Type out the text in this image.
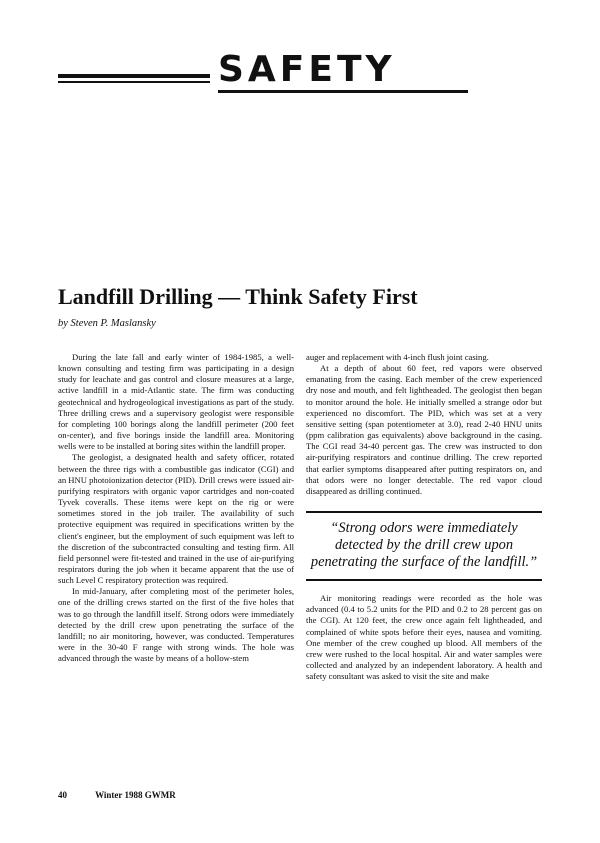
SAFETY
Landfill Drilling — Think Safety First
by Steven P. Maslansky

During the late fall and early winter of 1984-1985, a well-known consulting and testing firm was participating in a design study for leachate and gas control and closure measures at a large, active landfill in a mid-Atlantic state. The firm was conducting geotechnical and hydrogeological investigations as part of the study. Three drilling crews and a supervisory geologist were responsible for completing 100 borings along the landfill perimeter (200 feet on-center), and five borings inside the landfill area. Monitoring wells were to be installed at boring sites within the landfill proper.

The geologist, a designated health and safety officer, rotated between the three rigs with a combustible gas indicator (CGI) and an HNU photoionization detector (PID). Drill crews were issued air-purifying respirators with organic vapor cartridges and non-coated Tyvek coveralls. These items were kept on the rig or were sometimes stored in the job trailer. The availability of such protective equipment was required in specifications written by the client's engineer, but the employment of such equipment was left to the discretion of the subcontracted consulting and testing firm. All field personnel were fit-tested and trained in the use of air-purifying respirators during the job when it became apparent that the use of such Level C respiratory protection was required.

In mid-January, after completing most of the perimeter holes, one of the drilling crews started on the first of the five holes that was to go through the landfill itself. Strong odors were immediately detected by the drill crew upon penetrating the surface of the landfill; no air monitoring, however, was conducted. Temperatures were in the 30-40 F range with strong winds. The hole was advanced through the waste by means of a hollow-stem

auger and replacement with 4-inch flush joint casing.

At a depth of about 60 feet, red vapors were observed emanating from the casing. Each member of the crew experienced dry nose and mouth, and felt lightheaded. The geologist then began to monitor around the hole. He initially smelled a strange odor but experienced no discomfort. The PID, which was set at a very sensitive setting (span potentiometer at 3.0), read 2-40 HNU units (ppm calibration gas equivalents) above background in the casing. The CGI read 34-40 percent gas. The crew was instructed to don air-purifying respirators and continue drilling. The crew reported that earlier symptoms disappeared after putting respirators on, and that odors were no longer detectable. The red vapor cloud disappeared as drilling continued.

“Strong odors were immediately detected by the drill crew upon penetrating the surface of the landfill.”

Air monitoring readings were recorded as the hole was advanced (0.4 to 5.2 units for the PID and 0.2 to 28 percent gas on the CGI). At 120 feet, the crew once again felt lightheaded, and complained of white spots before their eyes, nausea and vomiting. One member of the crew coughed up blood. All members of the crew were rushed to the local hospital. Air and water samples were collected and analyzed by an independent laboratory. A health and safety consultant was asked to visit the site and make

40	Winter 1988 GWMR
